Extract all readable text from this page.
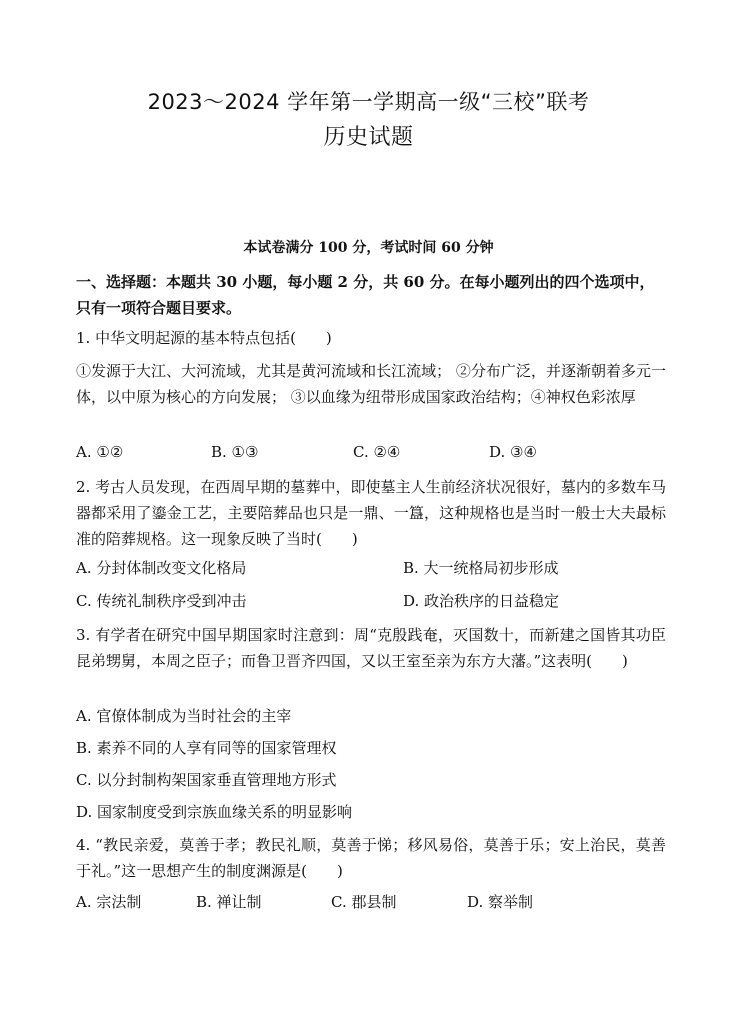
2023～2024 学年第一学期高一级“三校”联考
历史试题
本试卷满分 100 分，考试时间 60 分钟
一、选择题：本题共 30 小题，每小题 2 分，共 60 分。在每小题列出的四个选项中，只有一项符合题目要求。
1. 中华文明起源的基本特点包括(　　)
①发源于大江、大河流域，尤其是黄河流域和长江流域； ②分布广泛，并逐渐朝着多元一体，以中原为核心的方向发展； ③以血缘为纽带形成国家政治结构；④神权色彩浓厚
A. ①②	B. ①③	C. ②④	D. ③④
2. 考古人员发现，在西周早期的墓葬中，即使墓主人生前经济状况很好，墓内的多数车马器都采用了鎏金工艺，主要陪葬品也只是一鼎、一簋，这种规格也是当时一般士大夫最标准的陪葬规格。这一现象反映了当时(　　)
A. 分封体制改变文化格局	B. 大一统格局初步形成
C. 传统礼制秩序受到冲击	D. 政治秩序的日益稳定
3. 有学者在研究中国早期国家时注意到：周“克殷践奄，灭国数十，而新建之国皆其功臣昆弟甥舅，本周之臣子；而鲁卫晋齐四国，又以王室至亲为东方大藩。”这表明(　　)
A. 官僚体制成为当时社会的主宰
B. 素养不同的人享有同等的国家管理权
C. 以分封制构架国家垂直管理地方形式
D. 国家制度受到宗族血缘关系的明显影响
4. “教民亲爱，莫善于孝；教民礼顺，莫善于悌；移风易俗，莫善于乐；安上治民，莫善于礼。”这一思想产生的制度渊源是(　　)
A. 宗法制	B. 禅让制	C. 郡县制	D. 察举制
